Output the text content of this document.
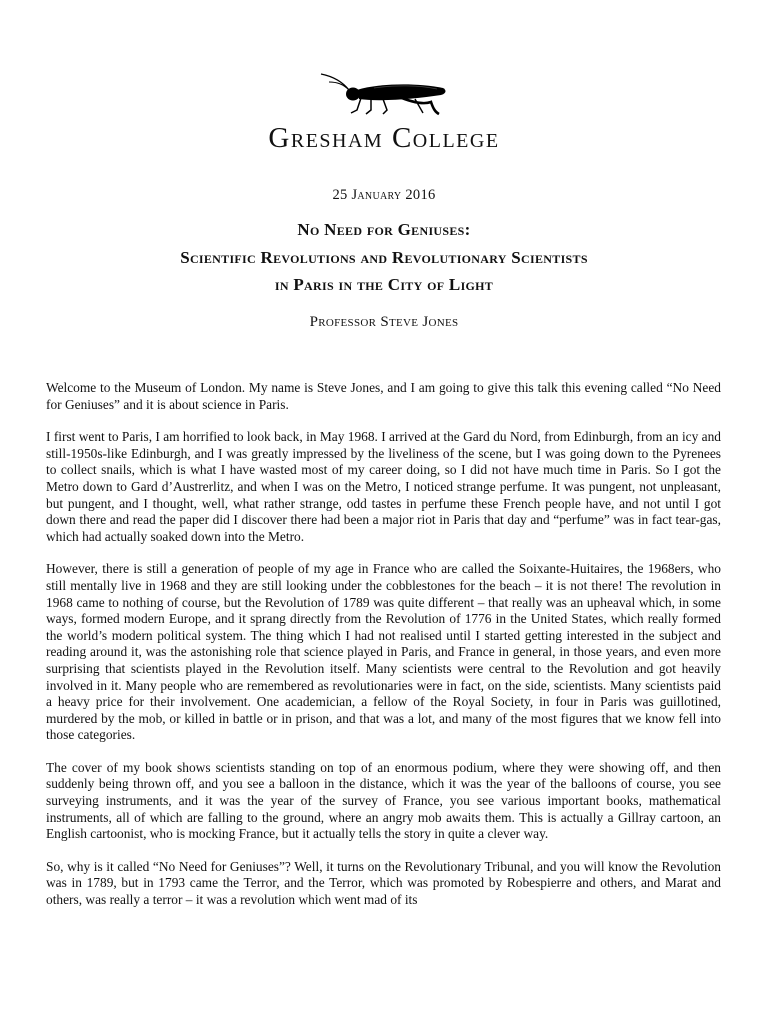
Gresham College
25 January 2016
No Need for Geniuses:
Scientific Revolutions and Revolutionary Scientists
in Paris in the City of Light
Professor Steve Jones

Welcome to the Museum of London. My name is Steve Jones, and I am going to give this talk this evening called “No Need for Geniuses” and it is about science in Paris.

I first went to Paris, I am horrified to look back, in May 1968. I arrived at the Gard du Nord, from Edinburgh, from an icy and still-1950s-like Edinburgh, and I was greatly impressed by the liveliness of the scene, but I was going down to the Pyrenees to collect snails, which is what I have wasted most of my career doing, so I did not have much time in Paris. So I got the Metro down to Gard d’Austrerlitz, and when I was on the Metro, I noticed strange perfume. It was pungent, not unpleasant, but pungent, and I thought, well, what rather strange, odd tastes in perfume these French people have, and not until I got down there and read the paper did I discover there had been a major riot in Paris that day and “perfume” was in fact tear-gas, which had actually soaked down into the Metro.

However, there is still a generation of people of my age in France who are called the Soixante-Huitaires, the 1968ers, who still mentally live in 1968 and they are still looking under the cobblestones for the beach – it is not there! The revolution in 1968 came to nothing of course, but the Revolution of 1789 was quite different – that really was an upheaval which, in some ways, formed modern Europe, and it sprang directly from the Revolution of 1776 in the United States, which really formed the world’s modern political system. The thing which I had not realised until I started getting interested in the subject and reading around it, was the astonishing role that science played in Paris, and France in general, in those years, and even more surprising that scientists played in the Revolution itself. Many scientists were central to the Revolution and got heavily involved in it. Many people who are remembered as revolutionaries were in fact, on the side, scientists. Many scientists paid a heavy price for their involvement. One academician, a fellow of the Royal Society, in four in Paris was guillotined, murdered by the mob, or killed in battle or in prison, and that was a lot, and many of the most figures that we know fell into those categories.

The cover of my book shows scientists standing on top of an enormous podium, where they were showing off, and then suddenly being thrown off, and you see a balloon in the distance, which it was the year of the balloons of course, you see surveying instruments, and it was the year of the survey of France, you see various important books, mathematical instruments, all of which are falling to the ground, where an angry mob awaits them. This is actually a Gillray cartoon, an English cartoonist, who is mocking France, but it actually tells the story in quite a clever way.

So, why is it called “No Need for Geniuses”? Well, it turns on the Revolutionary Tribunal, and you will know the Revolution was in 1789, but in 1793 came the Terror, and the Terror, which was promoted by Robespierre and others, and Marat and others, was really a terror – it was a revolution which went mad of its
